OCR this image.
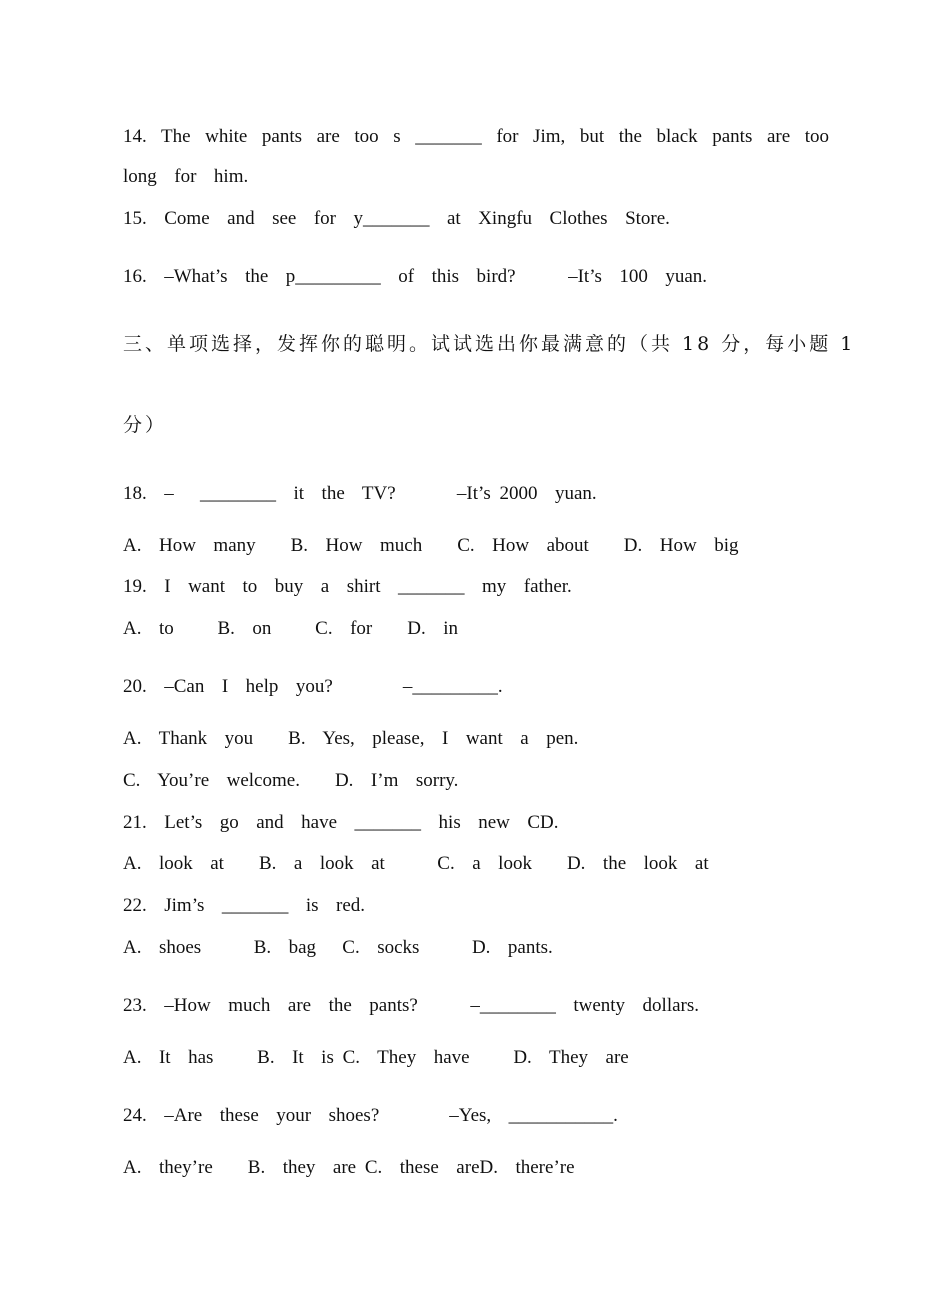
14. The white pants are too s _______ for Jim, but the black pants are too
long  for  him.
15.  Come  and  see  for  y_______  at  Xingfu  Clothes  Store.
16.  –What’s  the  p_________  of  this  bird?      –It’s  100  yuan.
三、单项选择，发挥你的聪明。试试选出你最满意的（共 18 分，每小题 1
分）
18.  –   ________  it  the  TV?       –It’s 2000  yuan.
A.  How  many    B.  How  much    C.  How  about    D.  How  big
19.  I  want  to  buy  a  shirt  _______  my  father.
A.  to     B.  on     C.  for    D.  in
20.  –Can  I  help  you?        –_________.
A.  Thank  you    B.  Yes,  please,  I  want  a  pen.
C.  You’re  welcome.    D.  I’m  sorry.
21.  Let’s  go  and  have  _______  his  new  CD.
A.  look  at    B.  a  look  at      C.  a  look    D.  the  look  at
22.  Jim’s  _______  is  red.
A.  shoes      B.  bag   C.  socks      D.  pants.
23.  –How  much  are  the  pants?      –________  twenty  dollars.
A.  It  has     B.  It  is C.  They  have     D.  They  are
24.  –Are  these  your  shoes?        –Yes,  ___________.
A.  they’re    B.  they  are C.  these  areD.  there’re
